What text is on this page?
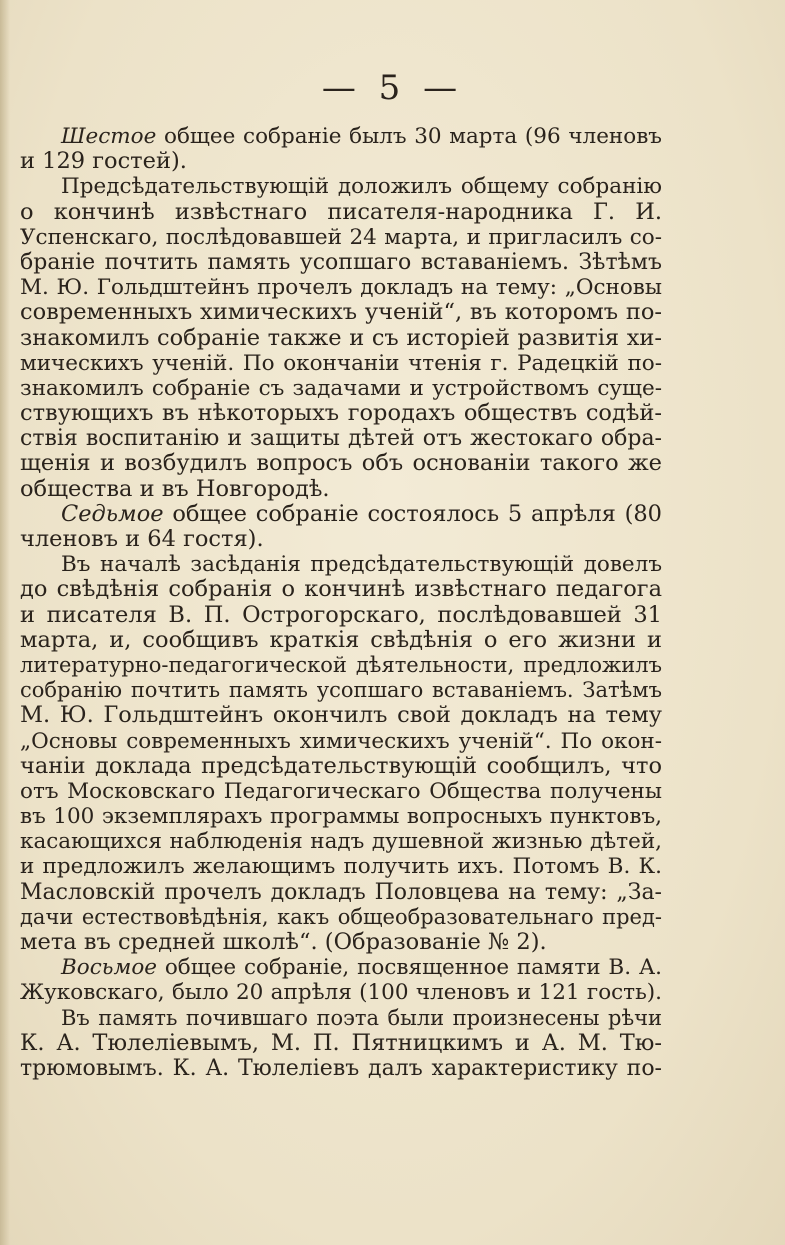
— 5 —
Шестое общее собраніе былъ 30 марта (96 членовъ
и 129 гостей).
Предсѣдательствующій доложилъ общему собранію
о кончинѣ извѣстнаго писателя-народника Г. И.
Успенскаго, послѣдовавшей 24 марта, и пригласилъ со-
браніе почтить память усопшаго вставаніемъ. Зѣтѣмъ
М. Ю. Гольдштейнъ прочелъ докладъ на тему: „Основы
современныхъ химическихъ ученій“, въ которомъ по-
знакомилъ собраніе также и съ исторіей развитія хи-
мическихъ ученій. По окончаніи чтенія г. Радецкій по-
знакомилъ собраніе съ задачами и устройствомъ суще-
ствующихъ въ нѣкоторыхъ городахъ обществъ содѣй-
ствія воспитанію и защиты дѣтей отъ жестокаго обра-
щенія и возбудилъ вопросъ объ основаніи такого же
общества и въ Новгородѣ.
Седьмое общее собраніе состоялось 5 апрѣля (80
членовъ и 64 гостя).
Въ началѣ засѣданія предсѣдательствующій довелъ
до свѣдѣнія собранія о кончинѣ извѣстнаго педагога
и писателя В. П. Острогорскаго, послѣдовавшей 31
марта, и, сообщивъ краткія свѣдѣнія о его жизни и
литературно-педагогической дѣятельности, предложилъ
собранію почтить память усопшаго вставаніемъ. Затѣмъ
М. Ю. Гольдштейнъ окончилъ свой докладъ на тему
„Основы современныхъ химическихъ ученій“. По окон-
чаніи доклада предсѣдательствующій сообщилъ, что
отъ Московскаго Педагогическаго Общества получены
въ 100 экземплярахъ программы вопросныхъ пунктовъ,
касающихся наблюденія надъ душевной жизнью дѣтей,
и предложилъ желающимъ получить ихъ. Потомъ В. К.
Масловскій прочелъ докладъ Половцева на тему: „За-
дачи естествовѣдѣнія, какъ общеобразовательнаго пред-
мета въ средней школѣ“. (Образованіе № 2).
Восьмое общее собраніе, посвященное памяти В. А.
Жуковскаго, было 20 апрѣля (100 членовъ и 121 гость).
Въ память почившаго поэта были произнесены рѣчи
К. А. Тюлеліевымъ, М. П. Пятницкимъ и А. М. Тю-
трюмовымъ. К. А. Тюлеліевъ далъ характеристику по-
